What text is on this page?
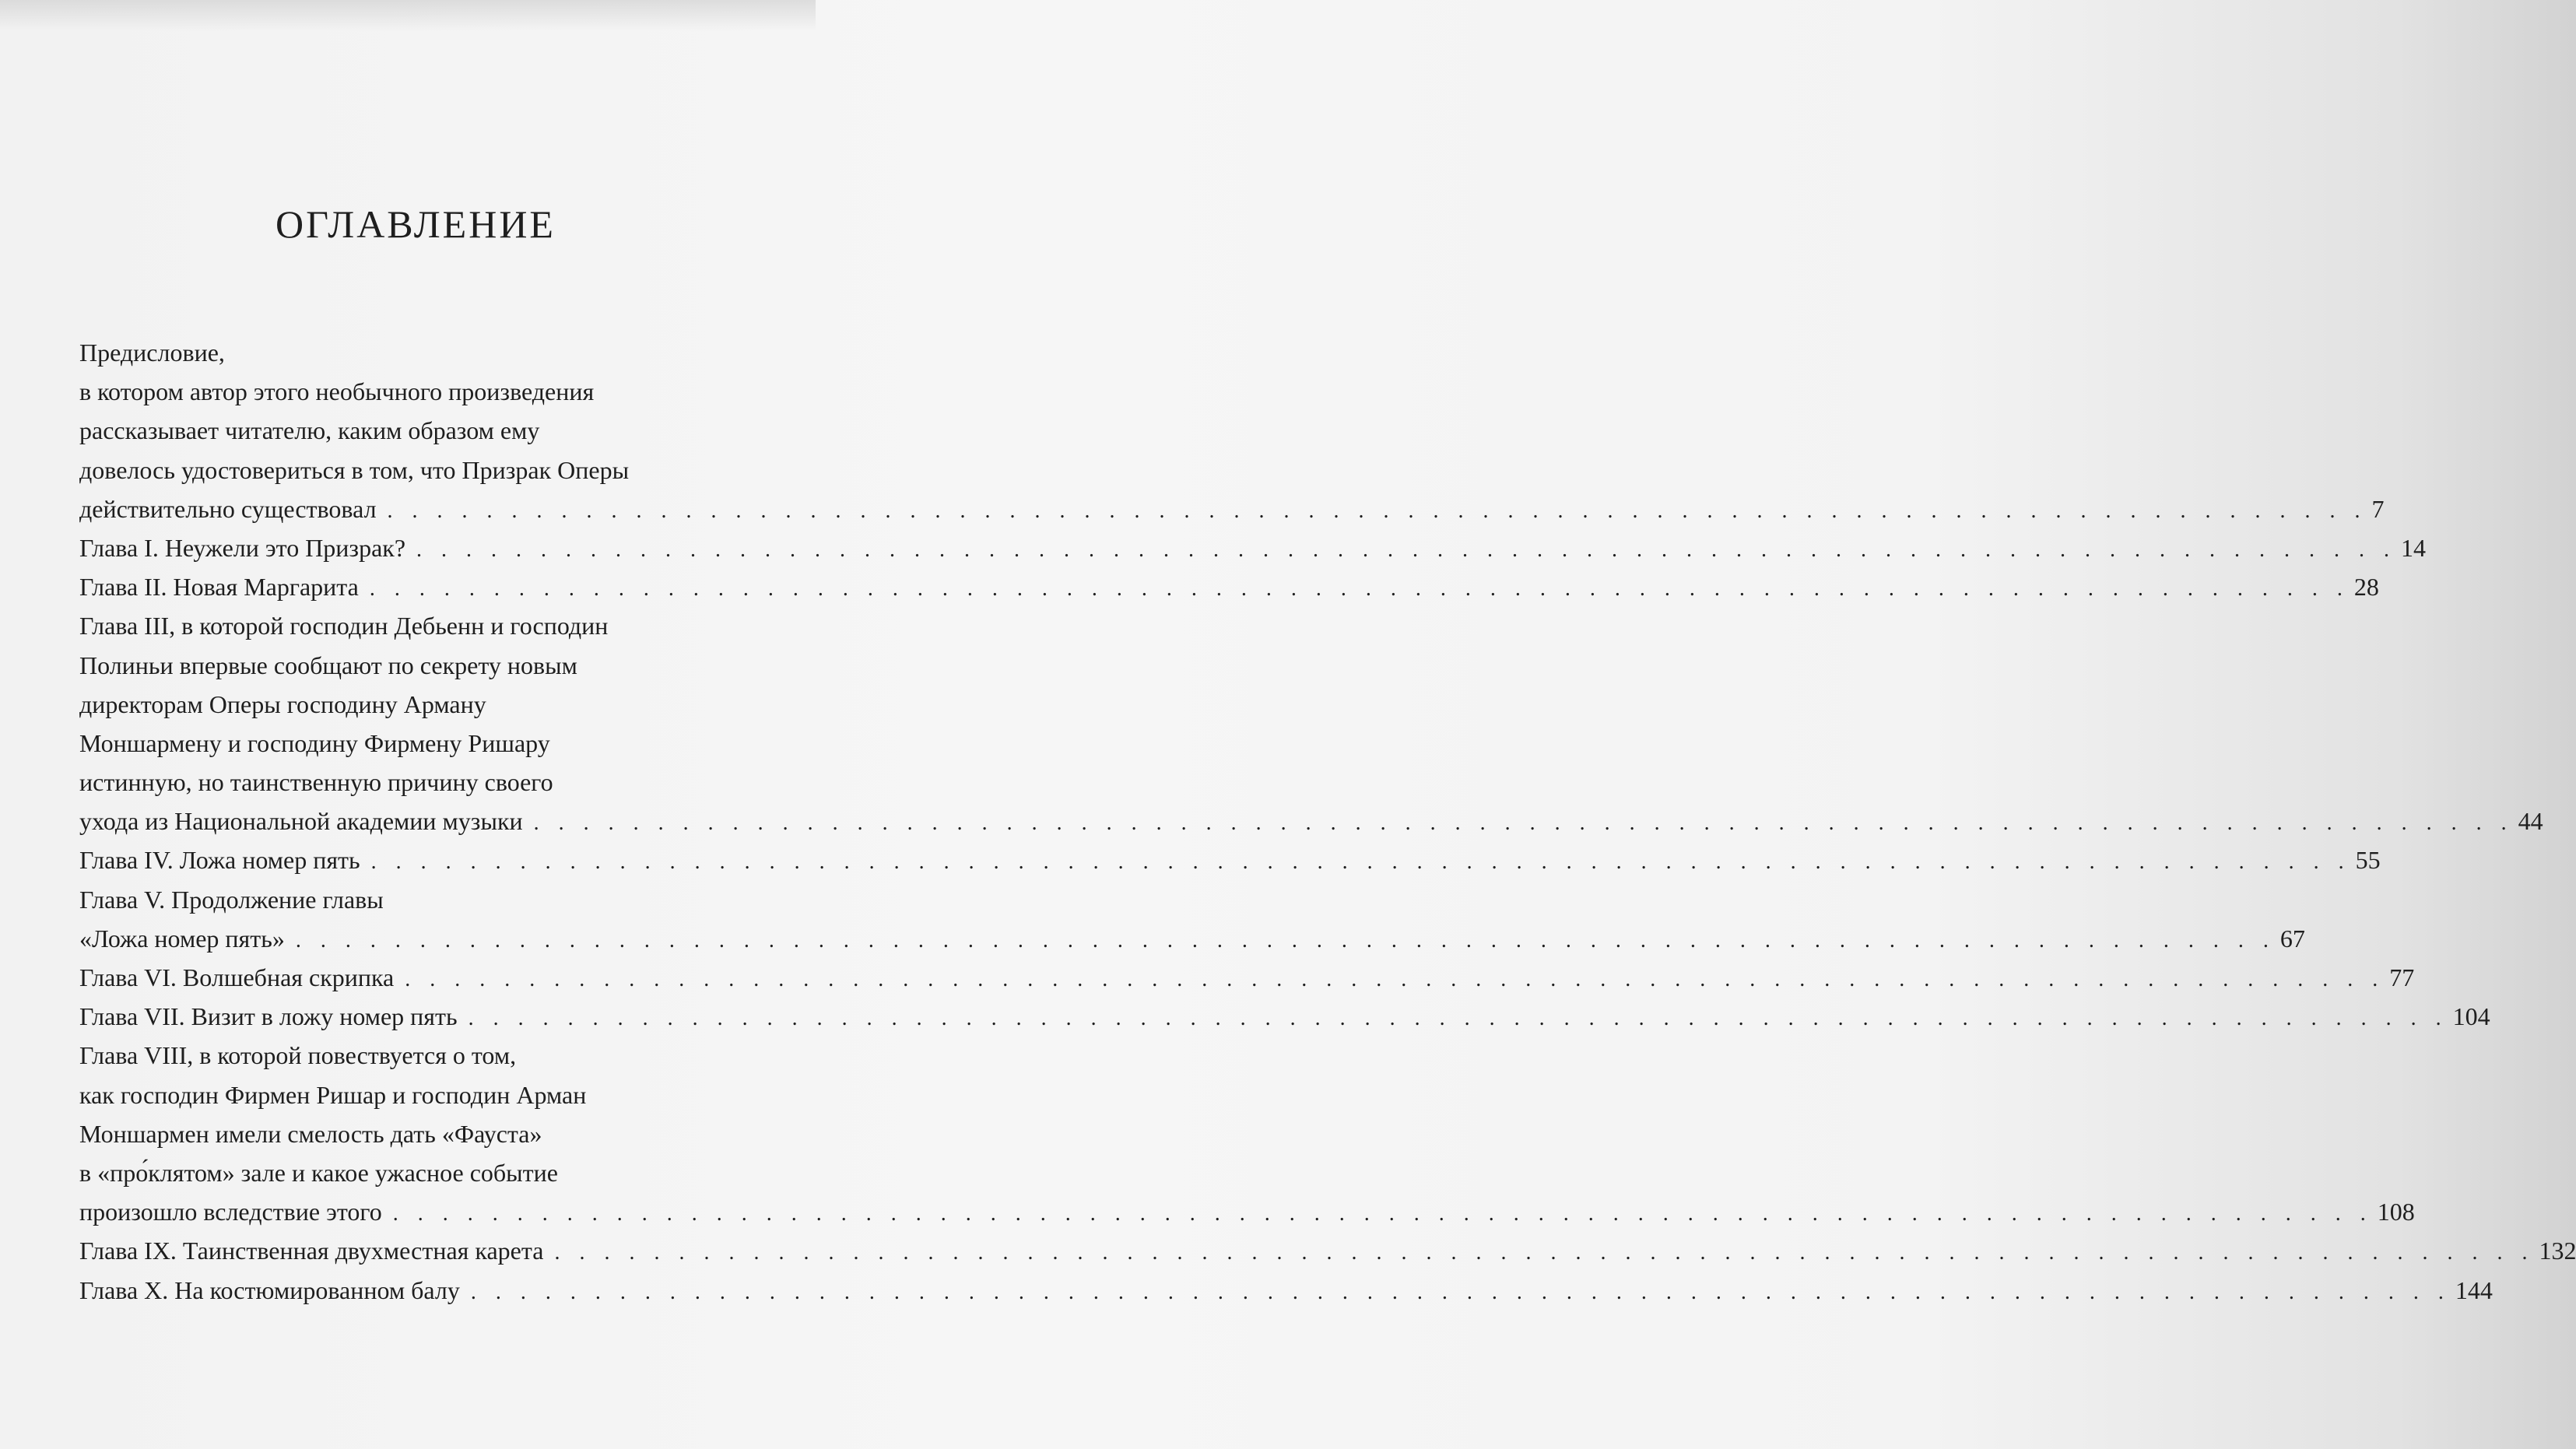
ОГЛАВЛЕНИЕ
Предисловие,
в котором автор этого необычного произведения
рассказывает читателю, каким образом ему
довелось удостовериться в том, что Призрак Оперы
действительно существовал . . . . . . . . . . . . . . . . . . . . . . . . . . . . . . . . . . . . . . . . . . . . . . . . . . . . . . . . . . . . . . . . . . . . . . . . . . . . . . . . 7
Глава I. Неужели это Призрак? . . . . . . . . . . . . . . . . . . . . . . . . . . . . . . . . . . . . . . . . . . . . . . . . . . . . . . . . . . . . . . . . . . . . . . . . . . . . . . . . 14
Глава II. Новая Маргарита . . . . . . . . . . . . . . . . . . . . . . . . . . . . . . . . . . . . . . . . . . . . . . . . . . . . . . . . . . . . . . . . . . . . . . . . . . . . . . . . 28
Глава III, в которой господин Дебьенн и господин
Полиньи впервые сообщают по секрету новым
директорам Оперы господину Арману
Моншармену и господину Фирмену Ришару
истинную, но таинственную причину своего
ухода из Национальной академии музыки . . . . . . . . . . . . . . . . . . . . . . . . . . . . . . . . . . . . . . . . . . . . . . . . . . . . . . . . . . . . . . . . . . . . . . . . . . . . . . . . 44
Глава IV. Ложа номер пять . . . . . . . . . . . . . . . . . . . . . . . . . . . . . . . . . . . . . . . . . . . . . . . . . . . . . . . . . . . . . . . . . . . . . . . . . . . . . . . . 55
Глава V. Продолжение главы
«Ложа номер пять» . . . . . . . . . . . . . . . . . . . . . . . . . . . . . . . . . . . . . . . . . . . . . . . . . . . . . . . . . . . . . . . . . . . . . . . . . . . . . . . . 67
Глава VI. Волшебная скрипка . . . . . . . . . . . . . . . . . . . . . . . . . . . . . . . . . . . . . . . . . . . . . . . . . . . . . . . . . . . . . . . . . . . . . . . . . . . . . . . . 77
Глава VII. Визит в ложу номер пять . . . . . . . . . . . . . . . . . . . . . . . . . . . . . . . . . . . . . . . . . . . . . . . . . . . . . . . . . . . . . . . . . . . . . . . . . . . . . . . . 104
Глава VIII, в которой повествуется о том,
как господин Фирмен Ришар и господин Арман
Моншармен имели смелость дать «Фауста»
в «про́клятом» зале и какое ужасное событие
произошло вследствие этого . . . . . . . . . . . . . . . . . . . . . . . . . . . . . . . . . . . . . . . . . . . . . . . . . . . . . . . . . . . . . . . . . . . . . . . . . . . . . . . . 108
Глава IX. Таинственная двухместная карета . . . . . . . . . . . . . . . . . . . . . . . . . . . . . . . . . . . . . . . . . . . . . . . . . . . . . . . . . . . . . . . . . . . . . . . . . . . . . . . . 132
Глава X. На костюмированном балу . . . . . . . . . . . . . . . . . . . . . . . . . . . . . . . . . . . . . . . . . . . . . . . . . . . . . . . . . . . . . . . . . . . . . . . . . . . . . . . . 144
